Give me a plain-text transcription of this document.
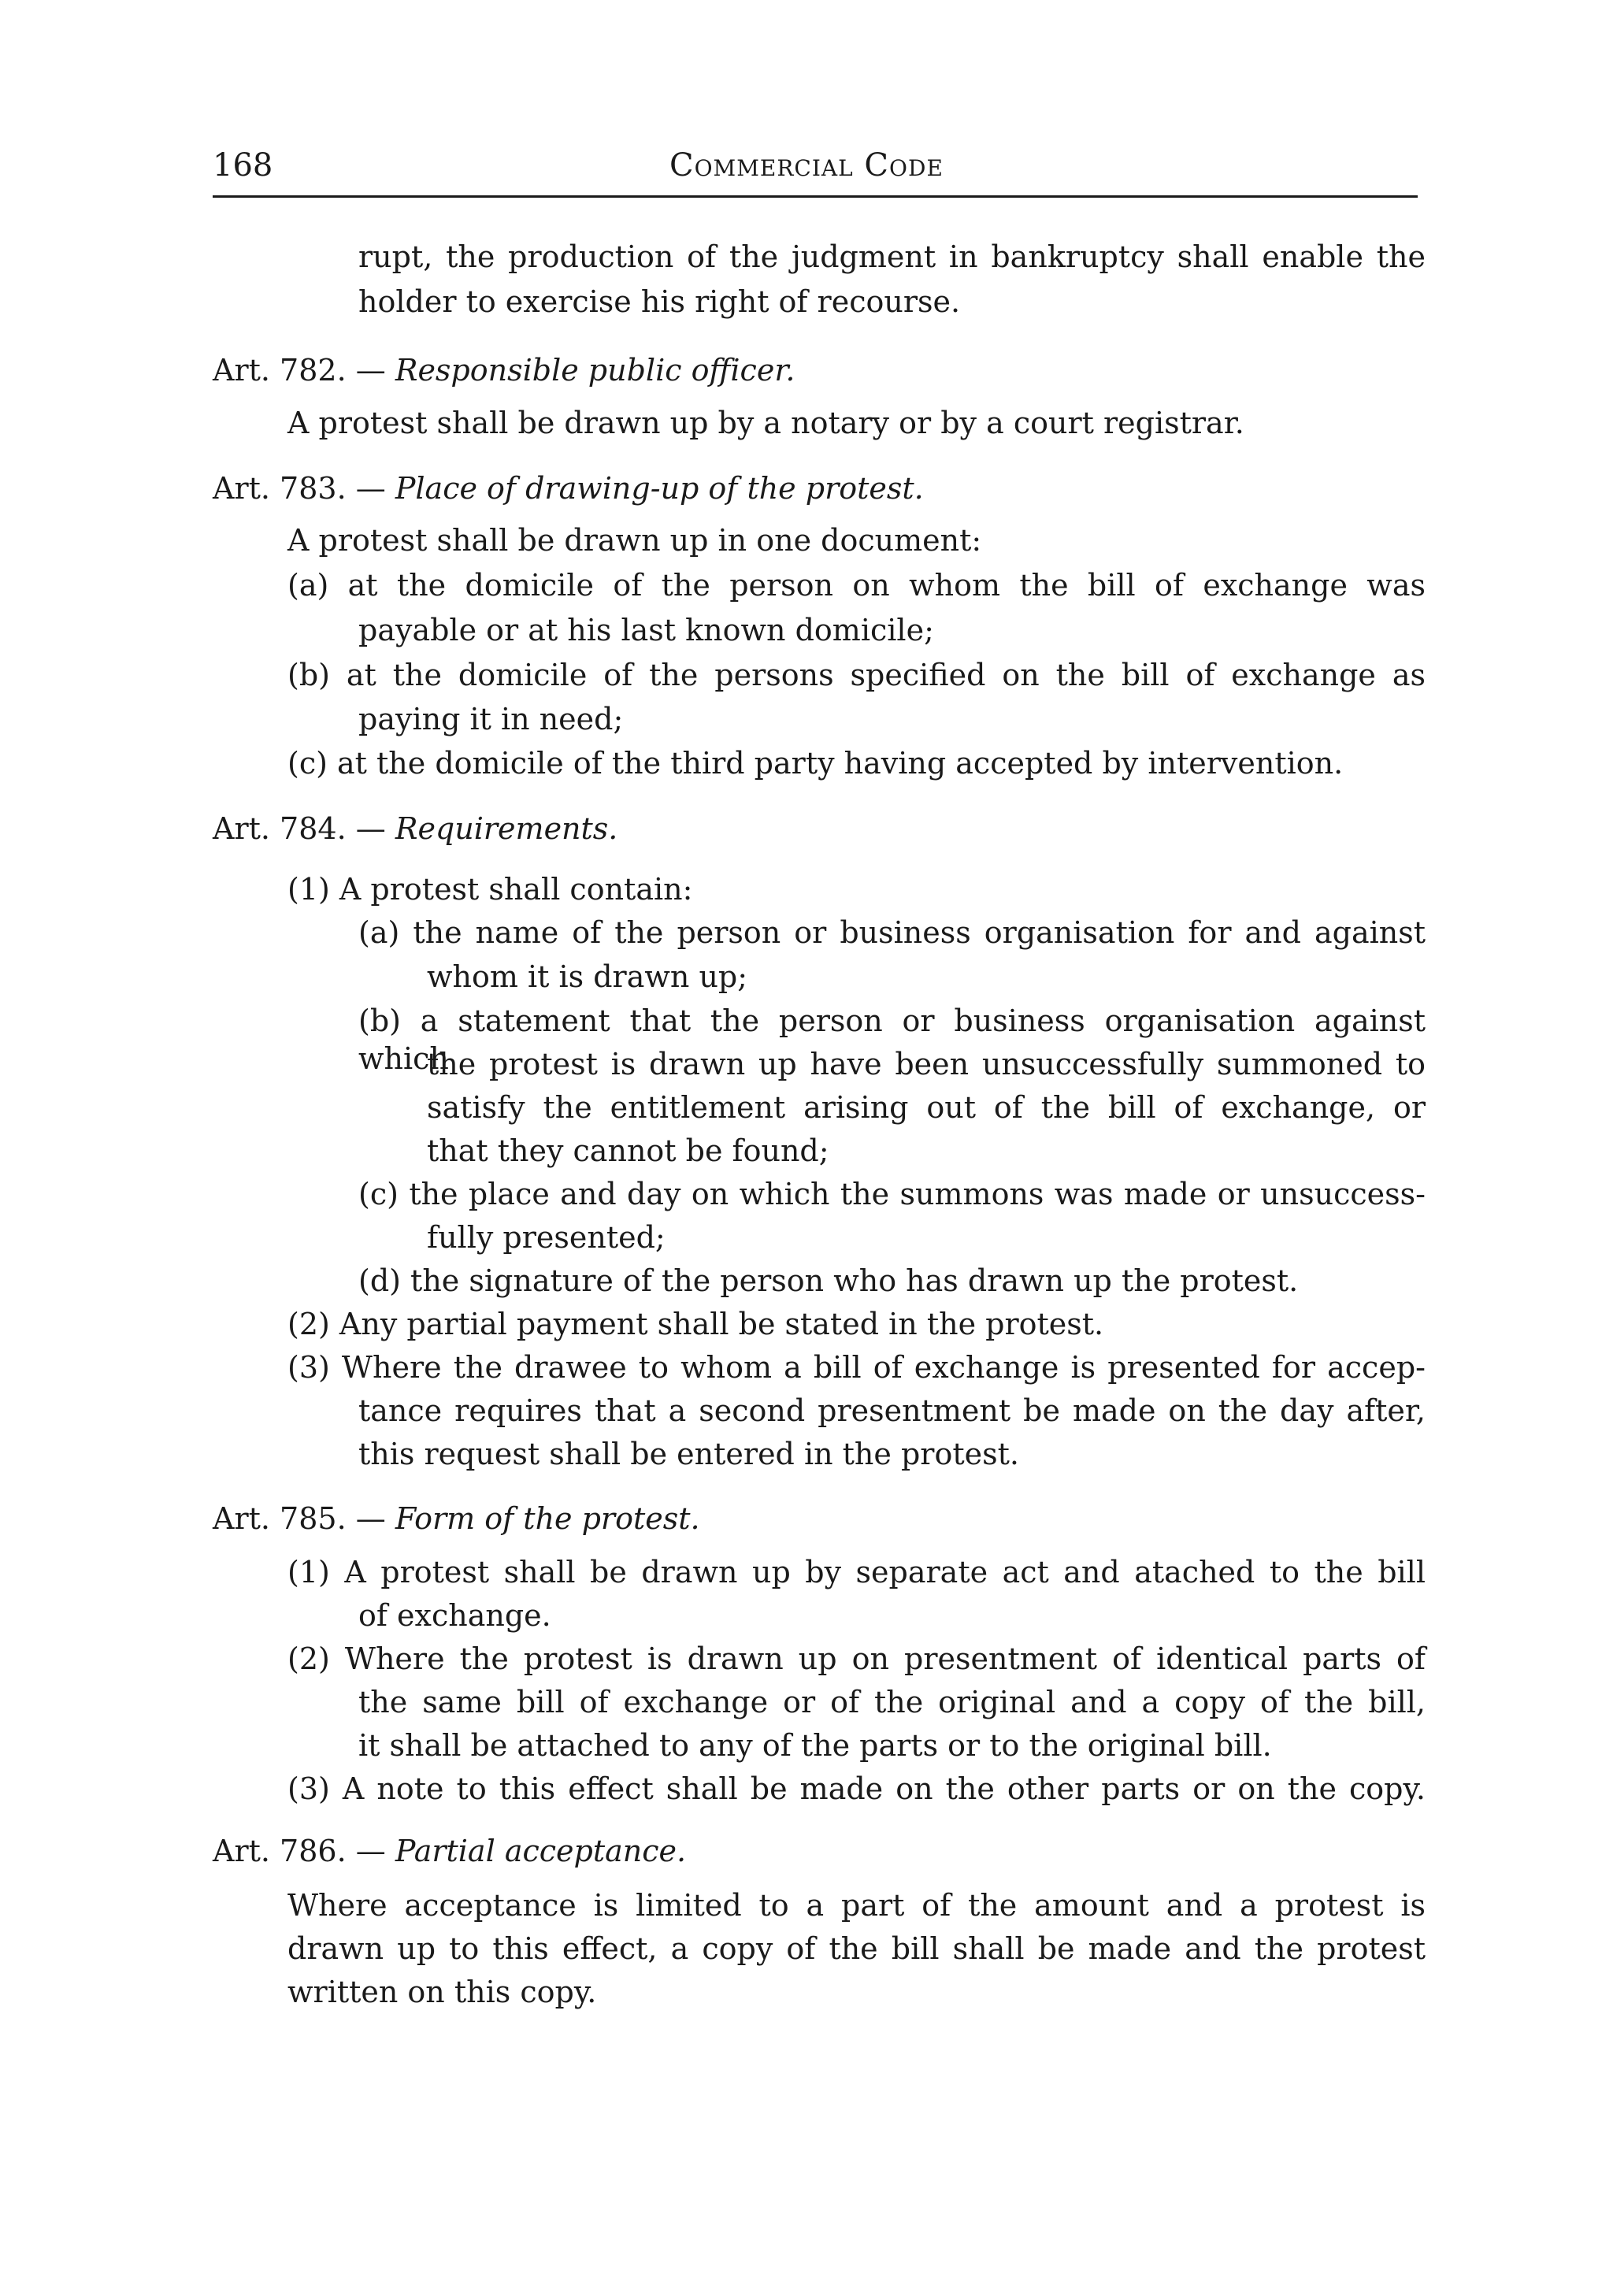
168	Commercial Code
rupt, the production of the judgment in bankruptcy shall enable the
holder to exercise his right of recourse.
Art. 782. — Responsible public officer.
A protest shall be drawn up by a notary or by a court registrar.
Art. 783. — Place of drawing-up of the protest.
A protest shall be drawn up in one document:
(a) at the domicile of the person on whom the bill of exchange was
payable or at his last known domicile;
(b) at the domicile of the persons specified on the bill of exchange as
paying it in need;
(c) at the domicile of the third party having accepted by intervention.
Art. 784. — Requirements.
(1) A protest shall contain:
(a) the name of the person or business organisation for and against
whom it is drawn up;
(b) a statement that the person or business organisation against which
the protest is drawn up have been unsuccessfully summoned to
satisfy the entitlement arising out of the bill of exchange, or
that they cannot be found;
(c) the place and day on which the summons was made or unsuccess-
fully presented;
(d) the signature of the person who has drawn up the protest.
(2) Any partial payment shall be stated in the protest.
(3) Where the drawee to whom a bill of exchange is presented for accep-
tance requires that a second presentment be made on the day after,
this request shall be entered in the protest.
Art. 785. — Form of the protest.
(1) A protest shall be drawn up by separate act and atached to the bill
of exchange.
(2) Where the protest is drawn up on presentment of identical parts of
the same bill of exchange or of the original and a copy of the bill,
it shall be attached to any of the parts or to the original bill.
(3) A note to this effect shall be made on the other parts or on the copy.
Art. 786. — Partial acceptance.
Where acceptance is limited to a part of the amount and a protest is
drawn up to this effect, a copy of the bill shall be made and the protest
written on this copy.
